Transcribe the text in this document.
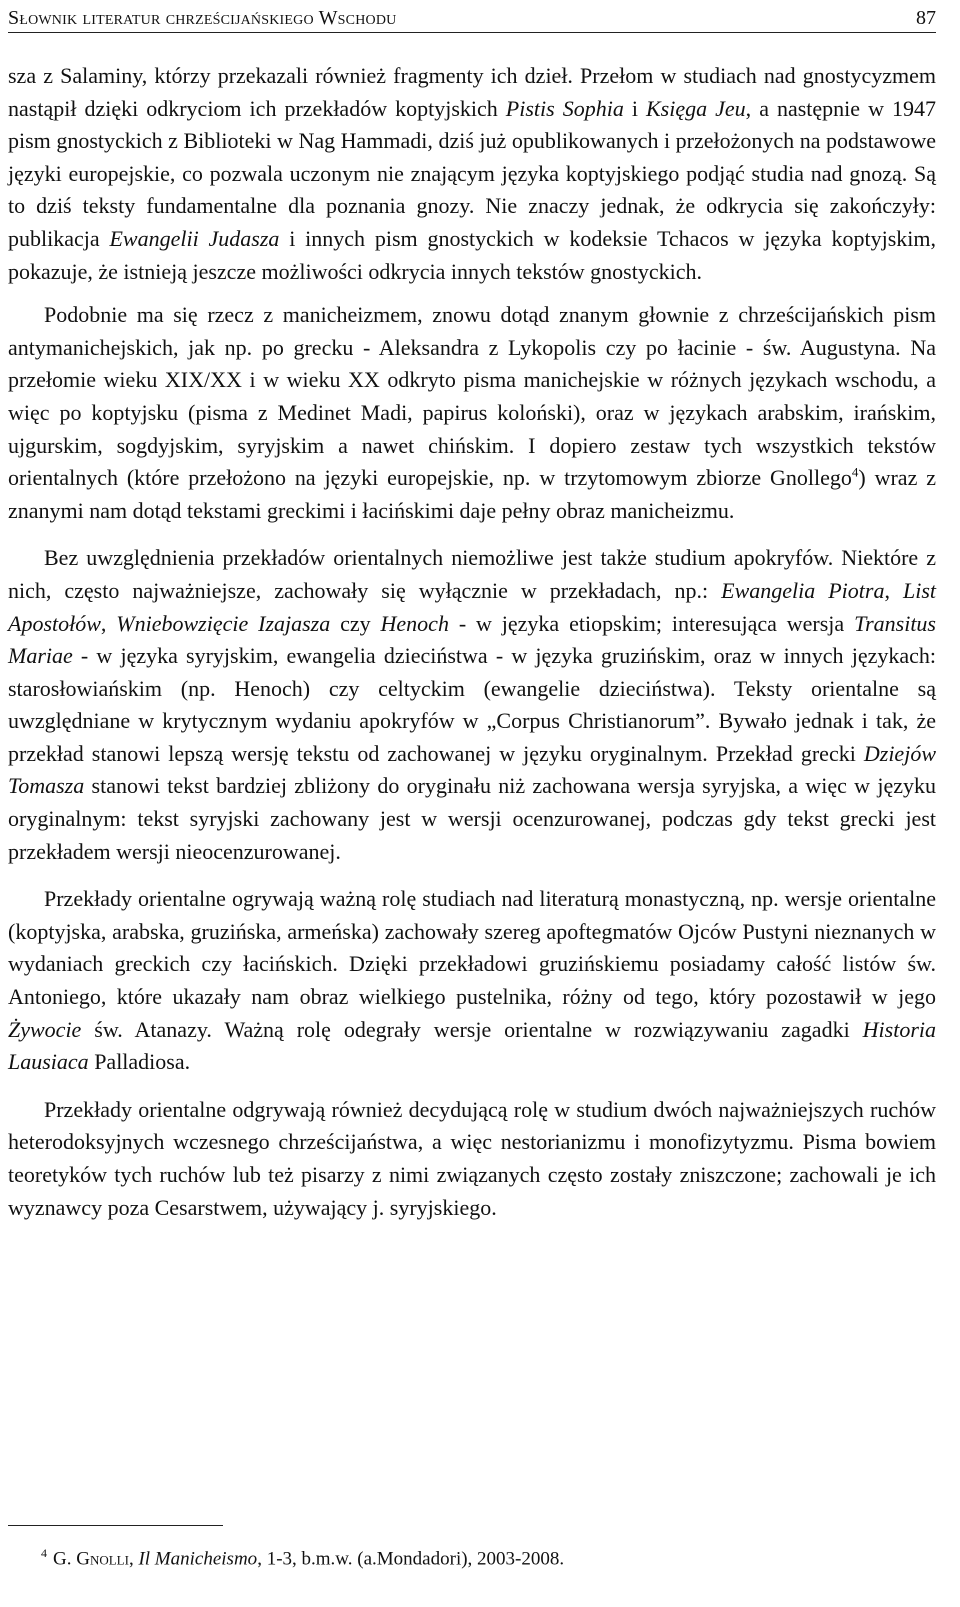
Słownik literatur chrześcijańskiego Wschodu	87

sza z Salaminy, którzy przekazali również fragmenty ich dzieł. Przełom w studiach nad gnostycyzmem nastąpił dzięki odkryciom ich przekładów koptyjskich Pistis Sophia i Księga Jeu, a następnie w 1947 pism gnostyckich z Biblioteki w Nag Hammadi, dziś już opublikowanych i przełożonych na podstawowe języki europejskie, co pozwala uczonym nie znającym języka koptyjskiego podjąć studia nad gnozą. Są to dziś teksty fundamentalne dla poznania gnozy. Nie znaczy jednak, że odkrycia się zakończyły: publikacja Ewangelii Judasza i innych pism gnostyckich w kodeksie Tchacos w języka koptyjskim, pokazuje, że istnieją jeszcze możliwości odkrycia innych tekstów gnostyckich.

Podobnie ma się rzecz z manicheizmem, znowu dotąd znanym głownie z chrześcijańskich pism antymanichejskich, jak np. po grecku - Aleksandra z Lykopolis czy po łacinie - św. Augustyna. Na przełomie wieku XIX/XX i w wieku XX odkryto pisma manichejskie w różnych językach wschodu, a więc po koptyjsku (pisma z Medinet Madi, papirus koloński), oraz w językach arabskim, irańskim, ujgurskim, sogdyjskim, syryjskim a nawet chińskim. I dopiero zestaw tych wszystkich tekstów orientalnych (które przełożono na języki europejskie, np. w trzytomowym zbiorze Gnollego$^4$) wraz z znanymi nam dotąd tekstami greckimi i łacińskimi daje pełny obraz manicheizmu.

Bez uwzględnienia przekładów orientalnych niemożliwe jest także studium apokryfów. Niektóre z nich, często najważniejsze, zachowały się wyłącznie w przekładach, np.: Ewangelia Piotra, List Apostołów, Wniebowzięcie Izajasza czy Henoch - w języka etiopskim; interesująca wersja Transitus Mariae - w języka syryjskim, ewangelia dzieciństwa - w języka gruzińskim, oraz w innych językach: starosłowiańskim (np. Henoch) czy celtyckim (ewangelie dzieciństwa). Teksty orientalne są uwzględniane w krytycznym wydaniu apokryfów w „Corpus Christianorum”. Bywało jednak i tak, że przekład stanowi lepszą wersję tekstu od zachowanej w języku oryginalnym. Przekład grecki Dziejów Tomasza stanowi tekst bardziej zbliżony do oryginału niż zachowana wersja syryjska, a więc w języku oryginalnym: tekst syryjski zachowany jest w wersji ocenzurowanej, podczas gdy tekst grecki jest przekładem wersji nieocenzurowanej.

Przekłady orientalne ogrywają ważną rolę studiach nad literaturą monastyczną, np. wersje orientalne (koptyjska, arabska, gruzińska, armeńska) zachowały szereg apoftegmatów Ojców Pustyni nieznanych w wydaniach greckich czy łacińskich. Dzięki przekładowi gruzińskiemu posiadamy całość listów św. Antoniego, które ukazały nam obraz wielkiego pustelnika, różny od tego, który pozostawił w jego Żywocie św. Atanazy. Ważną rolę odegrały wersje orientalne w rozwiązywaniu zagadki Historia Lausiaca Palladiosa.

Przekłady orientalne odgrywają również decydującą rolę w studium dwóch najważniejszych ruchów heterodoksyjnych wczesnego chrześcijaństwa, a więc nestorianizmu i monofizytyzmu. Pisma bowiem teoretyków tych ruchów lub też pisarzy z nimi związanych często zostały zniszczone; zachowali je ich wyznawcy poza Cesarstwem, używający j. syryjskiego.

$^4$ G. Gnolli, Il Manicheismo, 1-3, b.m.w. (a.Mondadori), 2003-2008.
